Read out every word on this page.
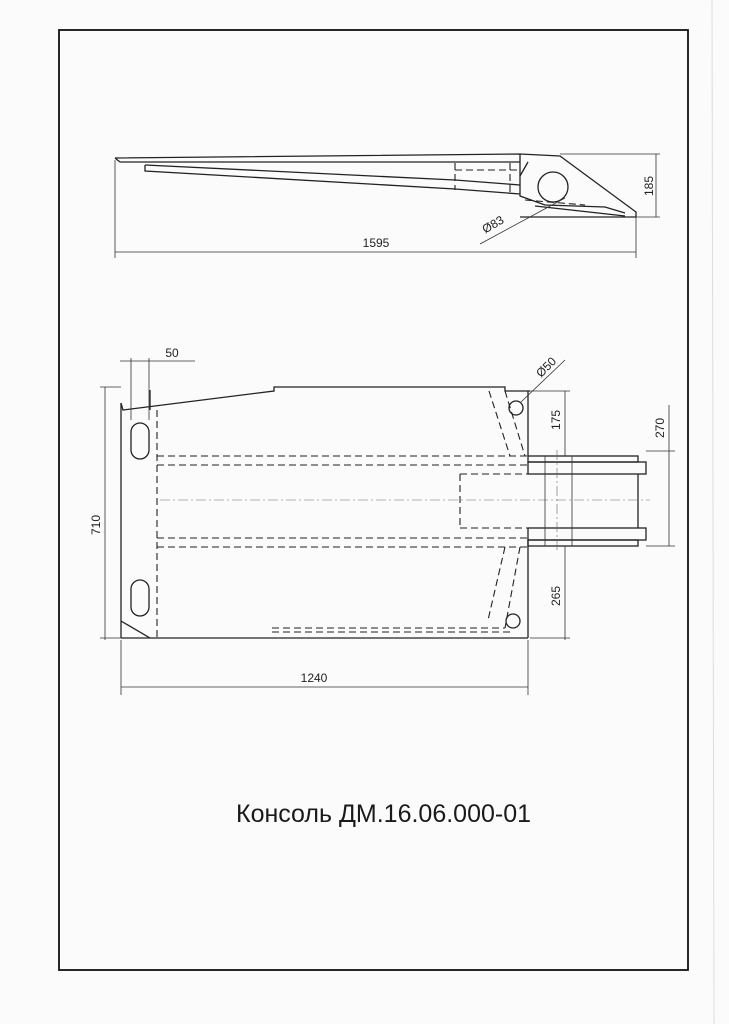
1595
185
Ø83
50
Ø50
175	270
710
265
1240
Консоль ДМ.16.06.000-01
